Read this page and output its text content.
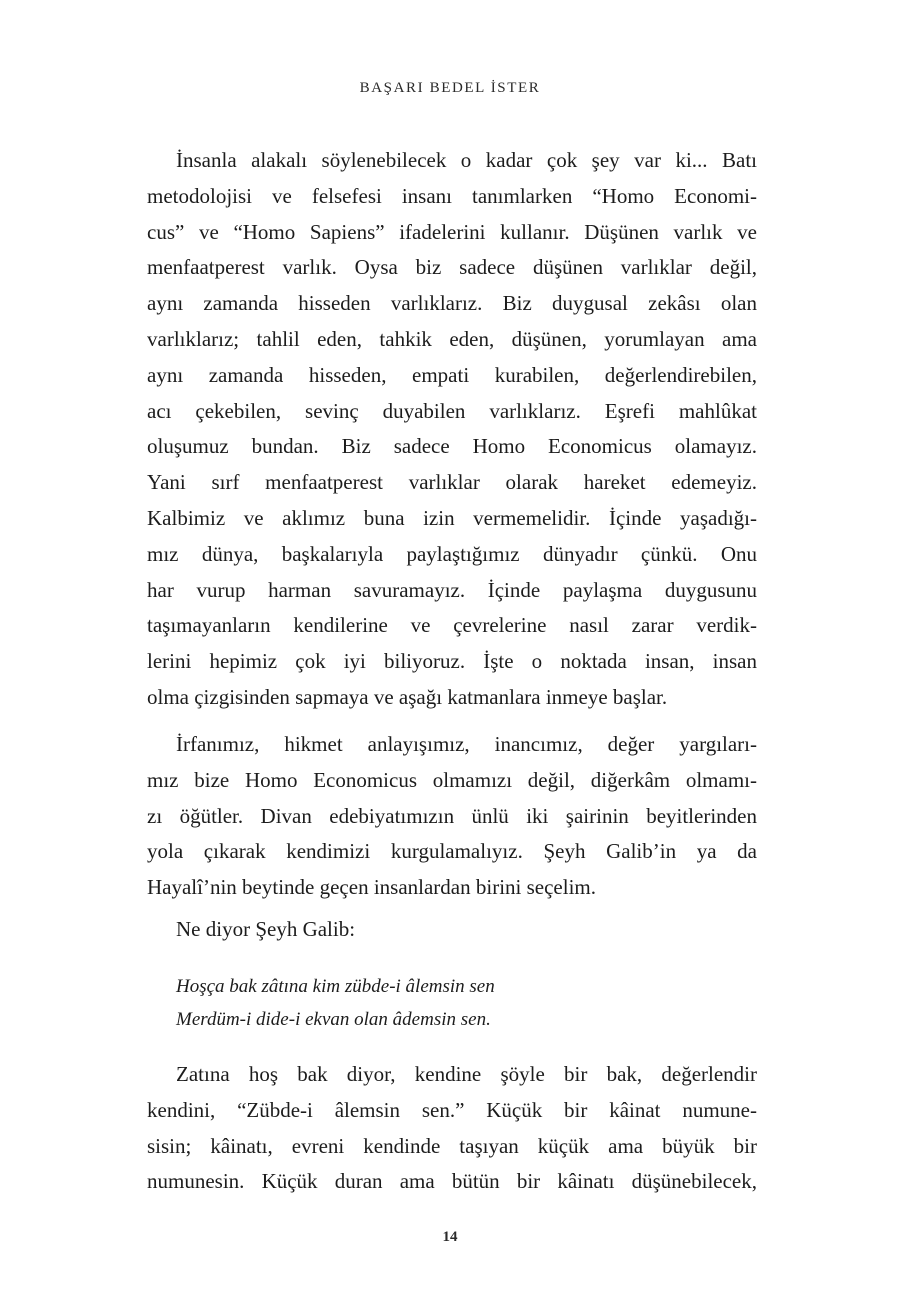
BAŞARI BEDEL İSTER
İnsanla alakalı söylenebilecek o kadar çok şey var ki... Batı
metodolojisi ve felsefesi insanı tanımlarken “Homo Economi-
cus” ve “Homo Sapiens” ifadelerini kullanır. Düşünen varlık ve
menfaatperest varlık. Oysa biz sadece düşünen varlıklar değil,
aynı zamanda hisseden varlıklarız. Biz duygusal zekâsı olan
varlıklarız; tahlil eden, tahkik eden, düşünen, yorumlayan ama
aynı zamanda hisseden, empati kurabilen, değerlendirebilen,
acı çekebilen, sevinç duyabilen varlıklarız. Eşrefi mahlûkat
oluşumuz bundan. Biz sadece Homo Economicus olamayız.
Yani sırf menfaatperest varlıklar olarak hareket edemeyiz.
Kalbimiz ve aklımız buna izin vermemelidir. İçinde yaşadığı-
mız dünya, başkalarıyla paylaştığımız dünyadır çünkü. Onu
har vurup harman savuramayız. İçinde paylaşma duygusunu
taşımayanların kendilerine ve çevrelerine nasıl zarar verdik-
lerini hepimiz çok iyi biliyoruz. İşte o noktada insan, insan
olma çizgisinden sapmaya ve aşağı katmanlara inmeye başlar.
İrfanımız, hikmet anlayışımız, inancımız, değer yargıları-
mız bize Homo Economicus olmamızı değil, diğerkâm olmamı-
zı öğütler. Divan edebiyatımızın ünlü iki şairinin beyitlerinden
yola çıkarak kendimizi kurgulamalıyız. Şeyh Galib’in ya da
Hayalî’nin beytinde geçen insanlardan birini seçelim.
Ne diyor Şeyh Galib:
Hoşça bak zâtına kim zübde-i âlemsin sen
Merdüm-i dide-i ekvan olan âdemsin sen.
Zatına hoş bak diyor, kendine şöyle bir bak, değerlendir
kendini, “Zübde-i âlemsin sen.” Küçük bir kâinat numune-
sisin; kâinatı, evreni kendinde taşıyan küçük ama büyük bir
numunesin. Küçük duran ama bütün bir kâinatı düşünebilecek,
14
